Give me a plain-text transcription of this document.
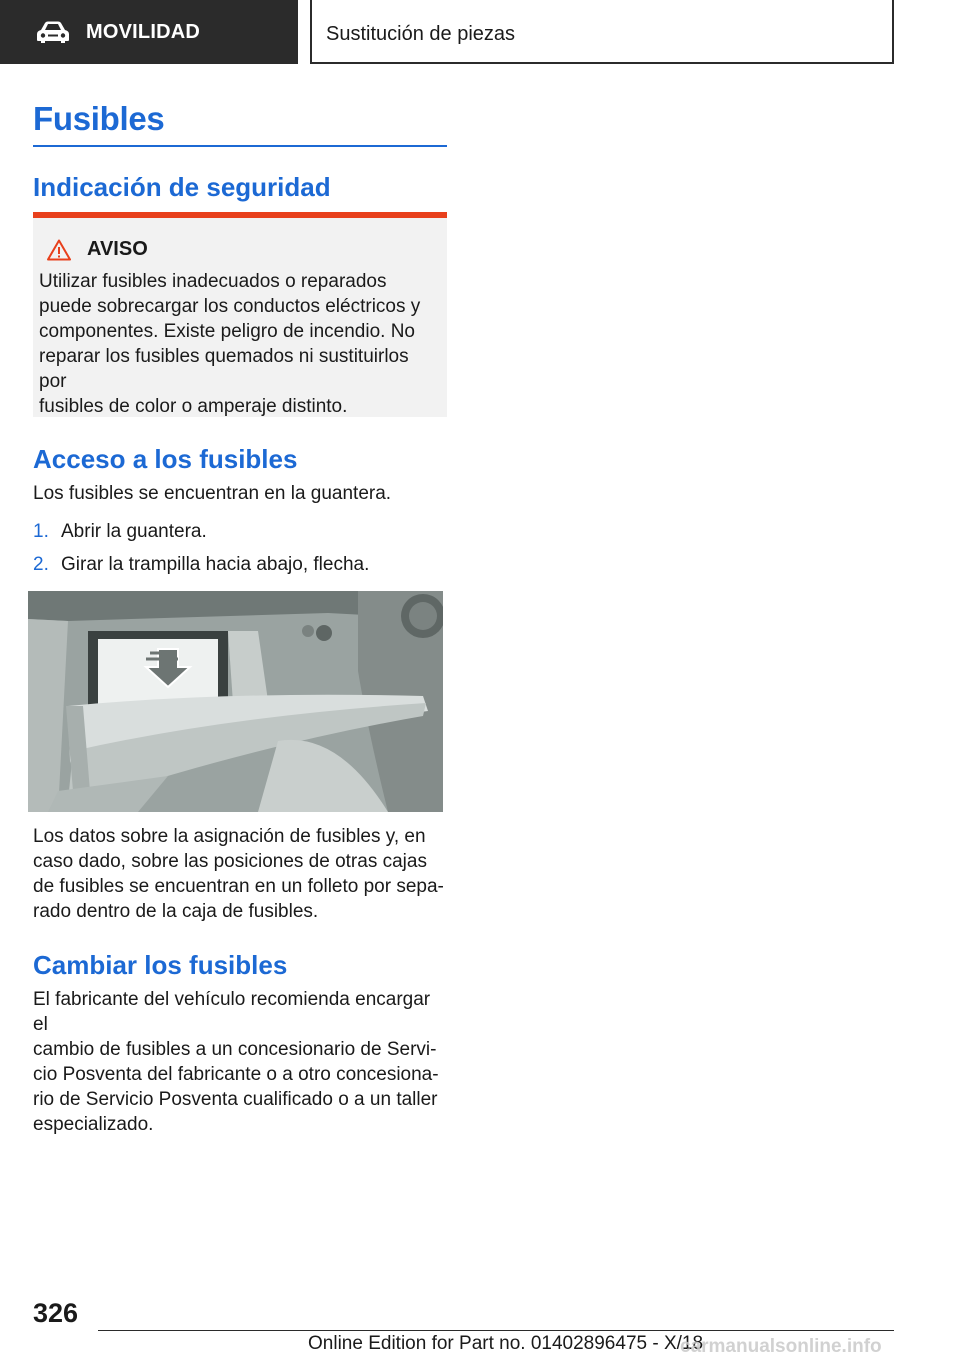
MOVILIDAD	Sustitución de piezas
Fusibles
Indicación de seguridad
AVISO
Utilizar fusibles inadecuados o reparados
puede sobrecargar los conductos eléctricos y
componentes. Existe peligro de incendio. No
reparar los fusibles quemados ni sustituirlos por
fusibles de color o amperaje distinto.
Acceso a los fusibles

Los fusibles se encuentran en la guantera.

1. Abrir la guantera.
2. Girar la trampilla hacia abajo, flecha.

Los datos sobre la asignación de fusibles y, en
caso dado, sobre las posiciones de otras cajas
de fusibles se encuentran en un folleto por sepa-
rado dentro de la caja de fusibles.

Cambiar los fusibles

El fabricante del vehículo recomienda encargar el
cambio de fusibles a un concesionario de Servi-
cio Posventa del fabricante o a otro concesiona-
rio de Servicio Posventa cualificado o a un taller
especializado.

326
Online Edition for Part no. 01402896475 - X/18
carmanualsonline.info
